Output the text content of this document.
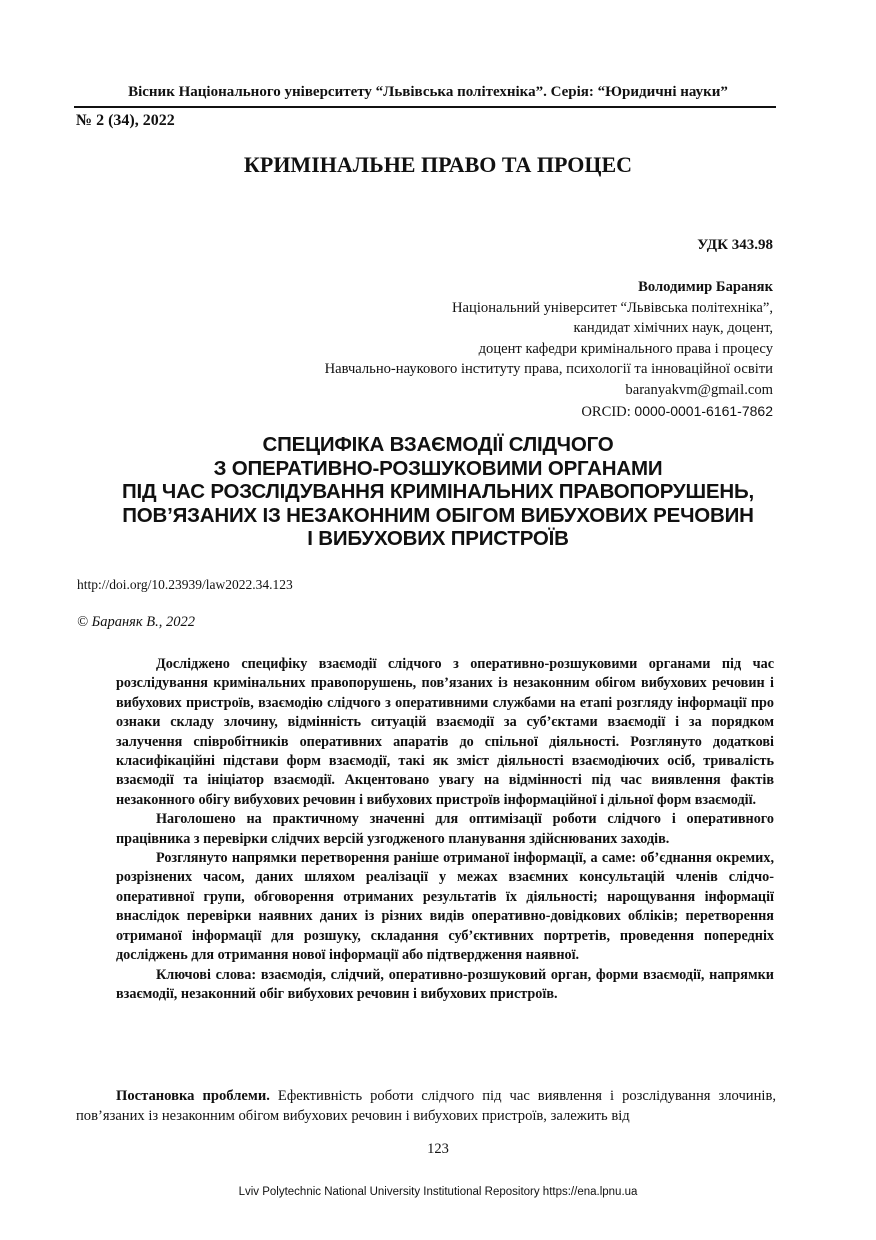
Вісник Національного університету “Львівська політехніка”. Серія: “Юридичні науки”
№ 2 (34), 2022
КРИМІНАЛЬНЕ ПРАВО ТА ПРОЦЕС
УДК 343.98
Володимир Бараняк
Національний університет “Львівська політехніка”,
кандидат хімічних наук, доцент,
доцент кафедри кримінального права і процесу
Навчально-наукового інституту права, психології та інноваційної освіти
baranyakvm@gmail.com
ORCID: 0000-0001-6161-7862
СПЕЦИФІКА ВЗАЄМОДІЇ СЛІДЧОГО
З ОПЕРАТИВНО-РОЗШУКОВИМИ ОРГАНАМИ
ПІД ЧАС РОЗСЛІДУВАННЯ КРИМІНАЛЬНИХ ПРАВОПОРУШЕНЬ,
ПОВ’ЯЗАНИХ ІЗ НЕЗАКОННИМ ОБІГОМ ВИБУХОВИХ РЕЧОВИН
І ВИБУХОВИХ ПРИСТРОЇВ
http://doi.org/10.23939/law2022.34.123
© Бараняк В., 2022

Досліджено специфіку взаємодії слідчого з оперативно-розшуковими органами під час розслідування кримінальних правопорушень, пов’язаних із незаконним обігом вибухових речовин і вибухових пристроїв, взаємодію слідчого з оперативними службами на етапі розгляду інформації про ознаки складу злочину, відмінність ситуацій взаємодії за суб’єктами взаємодії і за порядком залучення співробітників оперативних апаратів до спільної діяльності. Розглянуто додаткові класифікаційні підстави форм взаємодії, такі як зміст діяльності взаємодіючих осіб, тривалість взаємодії та ініціатор взаємодії. Акцентовано увагу на відмінності під час виявлення фактів незаконного обігу вибухових речовин і вибухових пристроїв інформаційної і дільної форм взаємодії.

Наголошено на практичному значенні для оптимізації роботи слідчого і оперативного працівника з перевірки слідчих версій узгодженого планування здійснюваних заходів.

Розглянуто напрямки перетворення раніше отриманої інформації, а саме: об’єднання окремих, розрізнених часом, даних шляхом реалізації у межах взаємних консультацій членів слідчо-оперативної групи, обговорення отриманих результатів їх діяльності; нарощування інформації внаслідок перевірки наявних даних із різних видів оперативно-довідкових обліків; перетворення отриманої інформації для розшуку, складання суб’єктивних портретів, проведення попередніх досліджень для отримання нової інформації або підтвердження наявної.

Ключові слова: взаємодія, слідчий, оперативно-розшуковий орган, форми взаємодії, напрямки взаємодії, незаконний обіг вибухових речовин і вибухових пристроїв.

Постановка проблеми. Ефективність роботи слідчого під час виявлення і розслідування злочинів, пов’язаних із незаконним обігом вибухових речовин і вибухових пристроїв, залежить від

123
Lviv Polytechnic National University Institutional Repository https://ena.lpnu.ua
